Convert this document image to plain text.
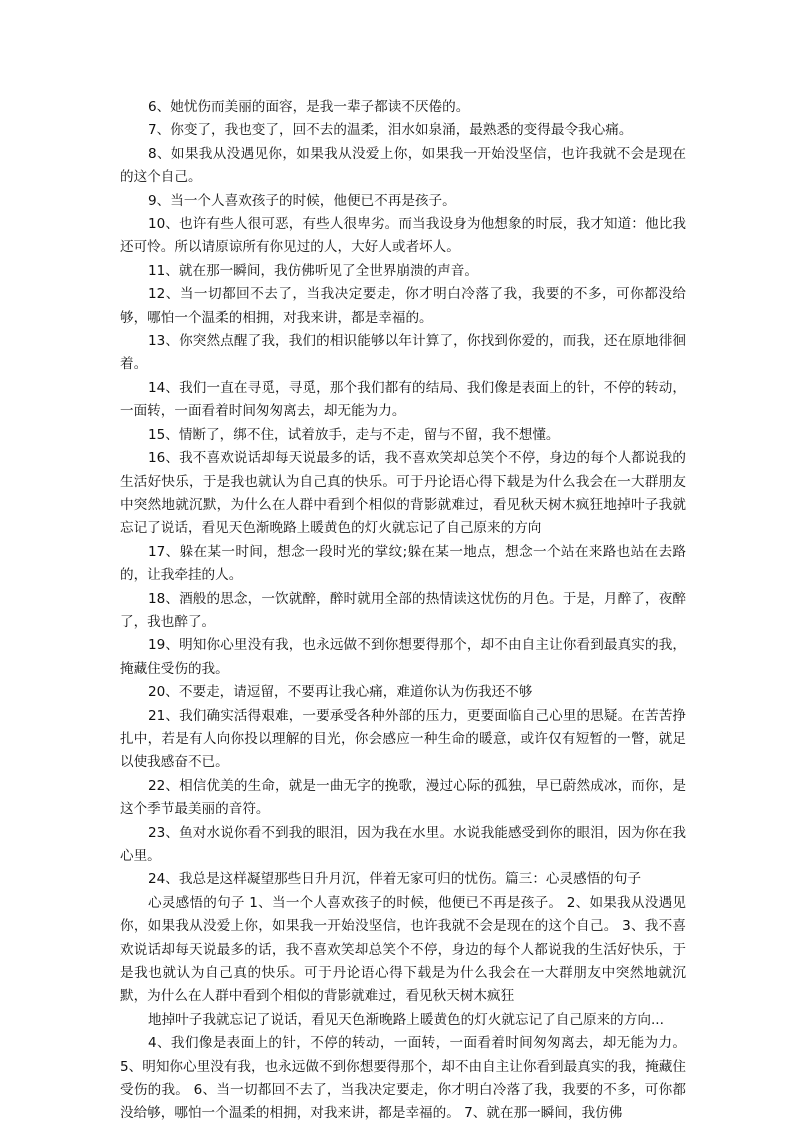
6、她忧伤而美丽的面容，是我一辈子都读不厌倦的。

7、你变了，我也变了，回不去的温柔，泪水如泉涌，最熟悉的变得最令我心痛。

8、如果我从没遇见你，如果我从没爱上你，如果我一开始没坚信，也许我就不会是现在的这个自己。

9、当一个人喜欢孩子的时候，他便已不再是孩子。

10、也许有些人很可恶，有些人很卑劣。而当我设身为他想象的时辰，我才知道：他比我还可怜。所以请原谅所有你见过的人，大好人或者坏人。

11、就在那一瞬间，我仿佛听见了全世界崩溃的声音。

12、当一切都回不去了，当我决定要走，你才明白冷落了我，我要的不多，可你都没给够，哪怕一个温柔的相拥，对我来讲，都是幸福的。

13、你突然点醒了我，我们的相识能够以年计算了，你找到你爱的，而我，还在原地徘徊着。

14、我们一直在寻觅，寻觅，那个我们都有的结局、我们像是表面上的针，不停的转动，一面转，一面看着时间匆匆离去，却无能为力。

15、情断了，绑不住，试着放手，走与不走，留与不留，我不想懂。

16、我不喜欢说话却每天说最多的话，我不喜欢笑却总笑个不停，身边的每个人都说我的生活好快乐，于是我也就认为自己真的快乐。可于丹论语心得下载是为什么我会在一大群朋友中突然地就沉默，为什么在人群中看到个相似的背影就难过，看见秋天树木疯狂地掉叶子我就忘记了说话，看见天色渐晚路上暖黄色的灯火就忘记了自己原来的方向

17、躲在某一时间，想念一段时光的掌纹;躲在某一地点，想念一个站在来路也站在去路的，让我牵挂的人。

18、酒般的思念，一饮就醉，醉时就用全部的热情读这忧伤的月色。于是，月醉了，夜醉了，我也醉了。

19、明知你心里没有我，也永远做不到你想要得那个，却不由自主让你看到最真实的我，掩藏住受伤的我。

20、不要走，请逗留，不要再让我心痛，难道你认为伤我还不够

21、我们确实活得艰难，一要承受各种外部的压力，更要面临自己心里的思疑。在苦苦挣扎中，若是有人向你投以理解的目光，你会感应一种生命的暖意，或许仅有短暂的一瞥，就足以使我感奋不已。

22、相信优美的生命，就是一曲无字的挽歌，漫过心际的孤独，早已蔚然成冰，而你，是这个季节最美丽的音符。

23、鱼对水说你看不到我的眼泪，因为我在水里。水说我能感受到你的眼泪，因为你在我心里。

24、我总是这样凝望那些日升月沉，伴着无家可归的忧伤。篇三：心灵感悟的句子

心灵感悟的句子 1、当一个人喜欢孩子的时候，他便已不再是孩子。 2、如果我从没遇见你，如果我从没爱上你，如果我一开始没坚信，也许我就不会是现在的这个自己。 3、我不喜欢说话却每天说最多的话，我不喜欢笑却总笑个不停，身边的每个人都说我的生活好快乐，于是我也就认为自己真的快乐。可于丹论语心得下载是为什么我会在一大群朋友中突然地就沉默，为什么在人群中看到个相似的背影就难过，看见秋天树木疯狂

地掉叶子我就忘记了说话，看见天色渐晚路上暖黄色的灯火就忘记了自己原来的方向...

4、我们像是表面上的针，不停的转动，一面转，一面看着时间匆匆离去，却无能为力。5、明知你心里没有我，也永远做不到你想要得那个，却不由自主让你看到最真实的我，掩藏住受伤的我。 6、当一切都回不去了，当我决定要走，你才明白冷落了我，我要的不多，可你都没给够，哪怕一个温柔的相拥，对我来讲，都是幸福的。 7、就在那一瞬间，我仿佛
